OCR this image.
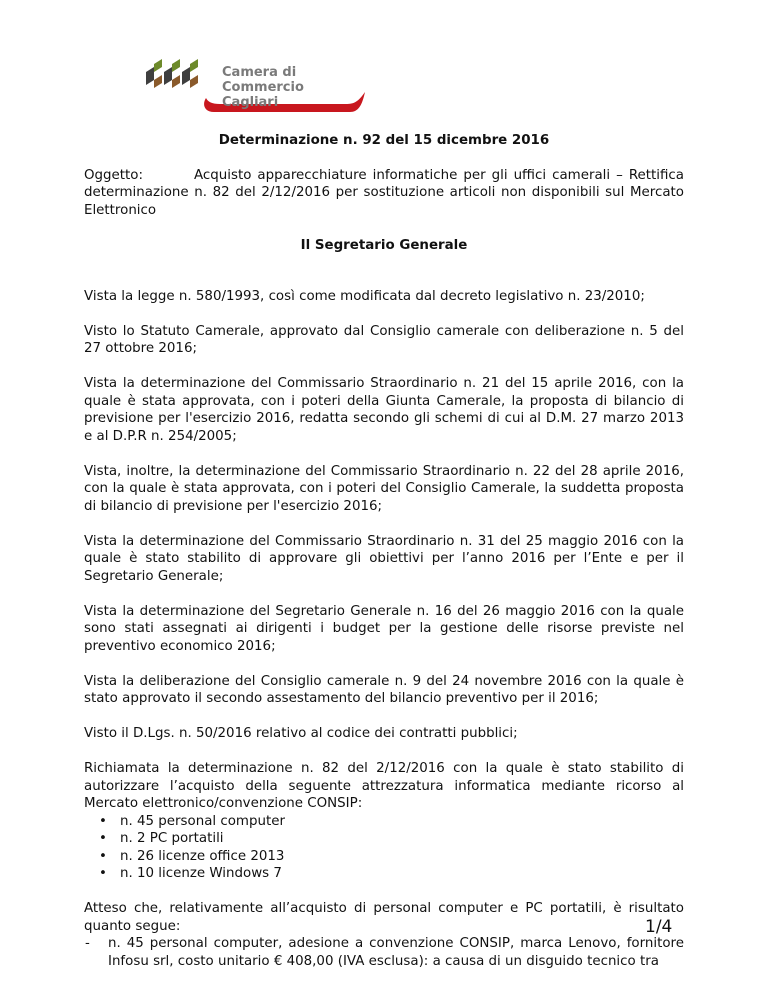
Camera di Commercio
Cagliari

Determinazione n. 92 del 15 dicembre 2016

Oggetto:	Acquisto apparecchiature informatiche per gli uffici camerali – Rettifica determinazione n. 82 del 2/12/2016 per sostituzione articoli non disponibili sul Mercato Elettronico

Il Segretario Generale

Vista la legge n. 580/1993, così come modificata dal decreto legislativo n. 23/2010;

Visto lo Statuto Camerale, approvato dal Consiglio camerale con deliberazione n. 5 del 27 ottobre 2016;

Vista la determinazione del Commissario Straordinario n. 21 del 15 aprile 2016, con la quale è stata approvata, con i poteri della Giunta Camerale, la proposta di bilancio di previsione per l'esercizio 2016, redatta secondo gli schemi di cui al D.M. 27 marzo 2013 e al D.P.R n. 254/2005;

Vista, inoltre, la determinazione del Commissario Straordinario n. 22 del 28 aprile 2016, con la quale è stata approvata, con i poteri del Consiglio Camerale, la suddetta proposta di bilancio di previsione per l'esercizio 2016;

Vista la determinazione del Commissario Straordinario n. 31 del 25 maggio 2016 con la quale è stato stabilito di approvare gli obiettivi per l’anno 2016 per l’Ente e per il Segretario Generale;

Vista la determinazione del Segretario Generale n. 16 del 26 maggio 2016 con la quale sono stati assegnati ai dirigenti i budget per la gestione delle risorse previste nel preventivo economico 2016;

Vista la deliberazione del Consiglio camerale n. 9 del 24 novembre 2016 con la quale è stato approvato il secondo assestamento del bilancio preventivo per il 2016;

Visto il D.Lgs. n. 50/2016 relativo al codice dei contratti pubblici;

Richiamata la determinazione n. 82 del 2/12/2016 con la quale è stato stabilito di autorizzare l’acquisto della seguente attrezzatura informatica mediante ricorso al Mercato elettronico/convenzione CONSIP:

• n. 45 personal computer
• n. 2 PC portatili
• n. 26 licenze office 2013
• n. 10 licenze Windows 7

Atteso che, relativamente all’acquisto di personal computer e PC portatili, è risultato quanto segue:

- n. 45 personal computer, adesione a convenzione CONSIP, marca Lenovo, fornitore Infosu srl, costo unitario € 408,00 (IVA esclusa): a causa di un disguido tecnico tra
1/4
